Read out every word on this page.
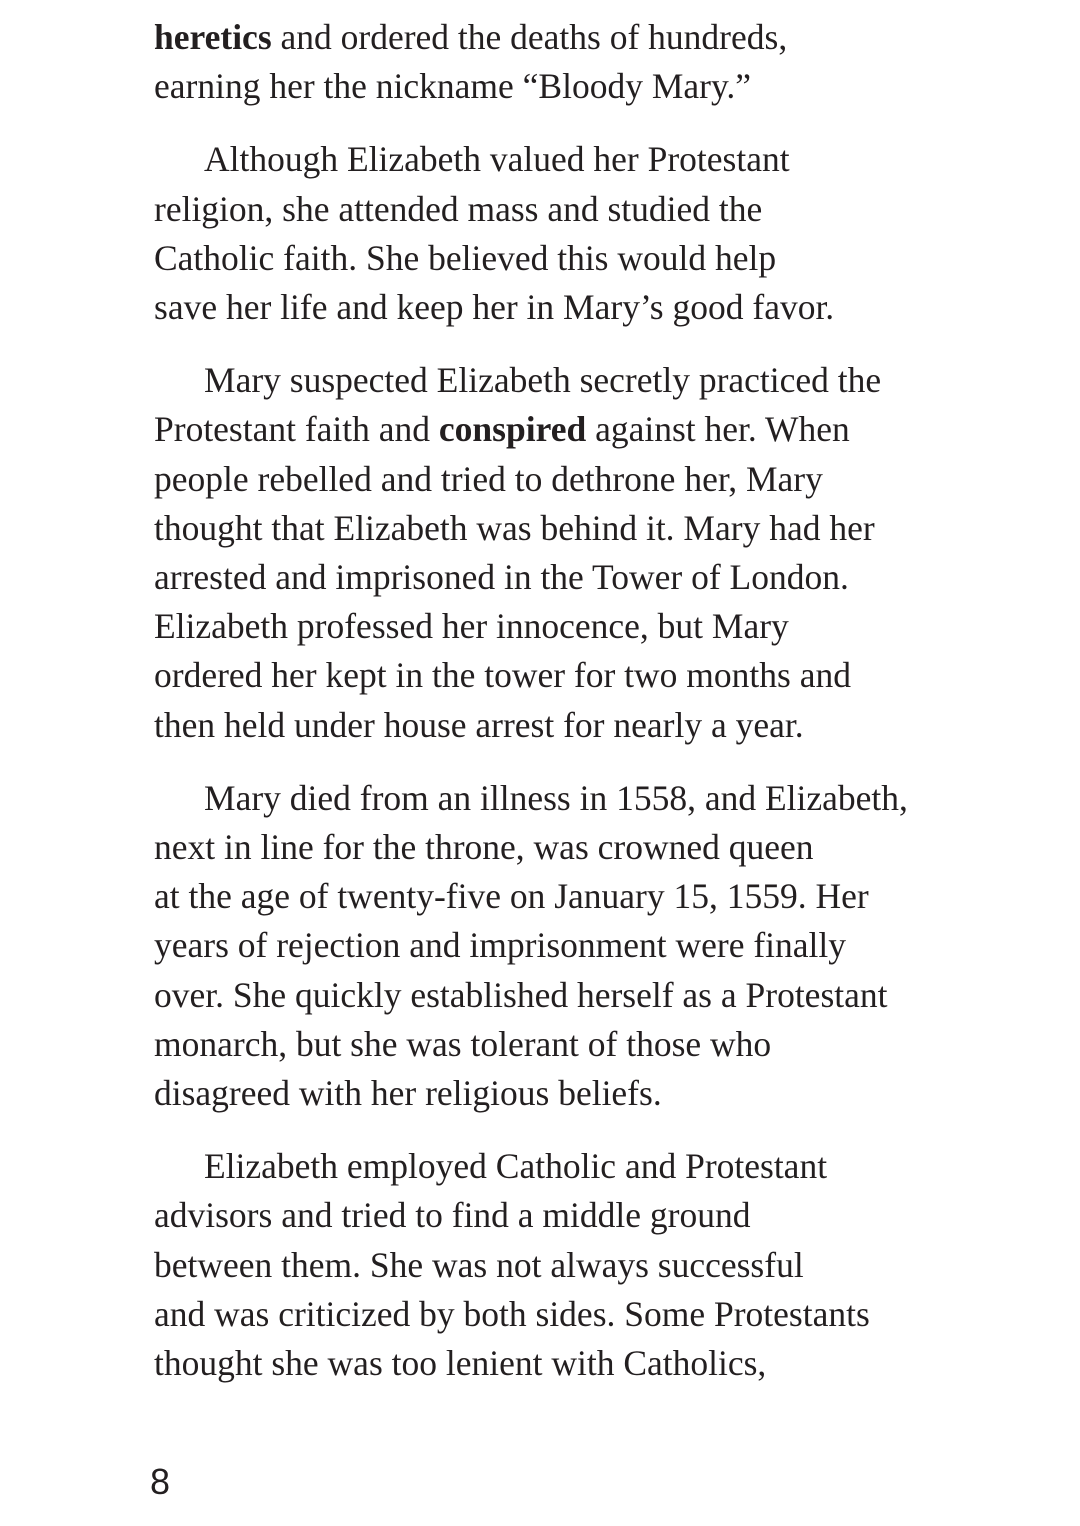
heretics and ordered the deaths of hundreds,
earning her the nickname “Bloody Mary.”
Although Elizabeth valued her Protestant
religion, she attended mass and studied the
Catholic faith. She believed this would help
save her life and keep her in Mary’s good favor.
Mary suspected Elizabeth secretly practiced the
Protestant faith and conspired against her. When
people rebelled and tried to dethrone her, Mary
thought that Elizabeth was behind it. Mary had her
arrested and imprisoned in the Tower of London.
Elizabeth professed her innocence, but Mary
ordered her kept in the tower for two months and
then held under house arrest for nearly a year.
Mary died from an illness in 1558, and Elizabeth,
next in line for the throne, was crowned queen
at the age of twenty-five on January 15, 1559. Her
years of rejection and imprisonment were finally
over. She quickly established herself as a Protestant
monarch, but she was tolerant of those who
disagreed with her religious beliefs.
Elizabeth employed Catholic and Protestant
advisors and tried to find a middle ground
between them. She was not always successful
and was criticized by both sides. Some Protestants
thought she was too lenient with Catholics,
8
